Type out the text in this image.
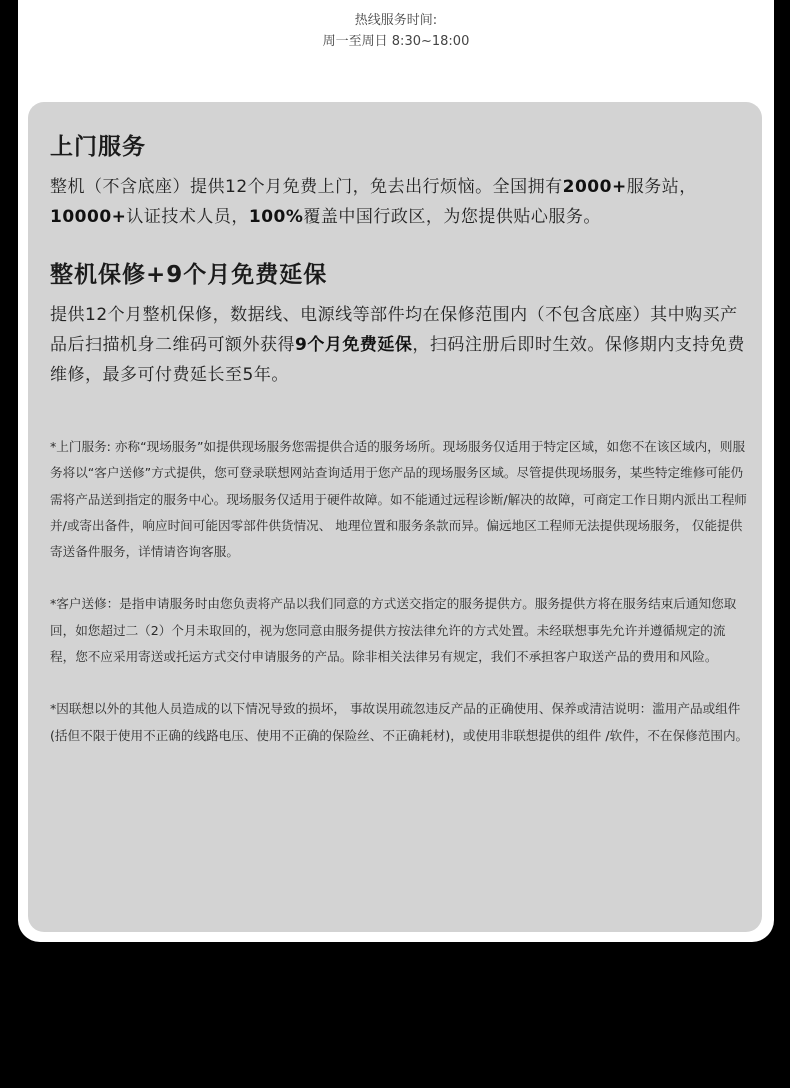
热线服务时间:
周一至周日 8:30~18:00
上门服务

整机（不含底座）提供12个月免费上门，免去出行烦恼。全国拥有2000+服务站，10000+认证技术人员，100%覆盖中国行政区，为您提供贴心服务。

整机保修+9个月免费延保

提供12个月整机保修，数据线、电源线等部件均在保修范围内（不包含底座）其中购买产品后扫描机身二维码可额外获得9个月免费延保，扫码注册后即时生效。保修期内支持免费维修，最多可付费延长至5年。

*上门服务: 亦称“现场服务”如提供现场服务您需提供合适的服务场所。现场服务仅适用于特定区域，如您不在该区域内，则服务将以“客户送修”方式提供，您可登录联想网站查询适用于您产品的现场服务区域。尽管提供现场服务，某些特定维修可能仍需将产品送到指定的服务中心。现场服务仅适用于硬件故障。如不能通过远程诊断/解决的故障，可商定工作日期内派出工程师并/或寄出备件，响应时间可能因零部件供货情况、 地理位置和服务条款而异。偏远地区工程师无法提供现场服务， 仅能提供寄送备件服务，详情请咨询客服。

*客户送修：是指申请服务时由您负责将产品以我们同意的方式送交指定的服务提供方。服务提供方将在服务结束后通知您取回，如您超过二（2）个月未取回的，视为您同意由服务提供方按法律允许的方式处置。未经联想事先允许并遵循规定的流程，您不应采用寄送或托运方式交付申请服务的产品。除非相关法律另有规定，我们不承担客户取送产品的费用和风险。

*因联想以外的其他人员造成的以下情况导致的损坏， 事故误用疏忽违反产品的正确使用、保养或清洁说明：滥用产品或组件(括但不限于使用不正确的线路电压、使用不正确的保险丝、不正确耗材)，或使用非联想提供的组件 /软件，不在保修范围内。
